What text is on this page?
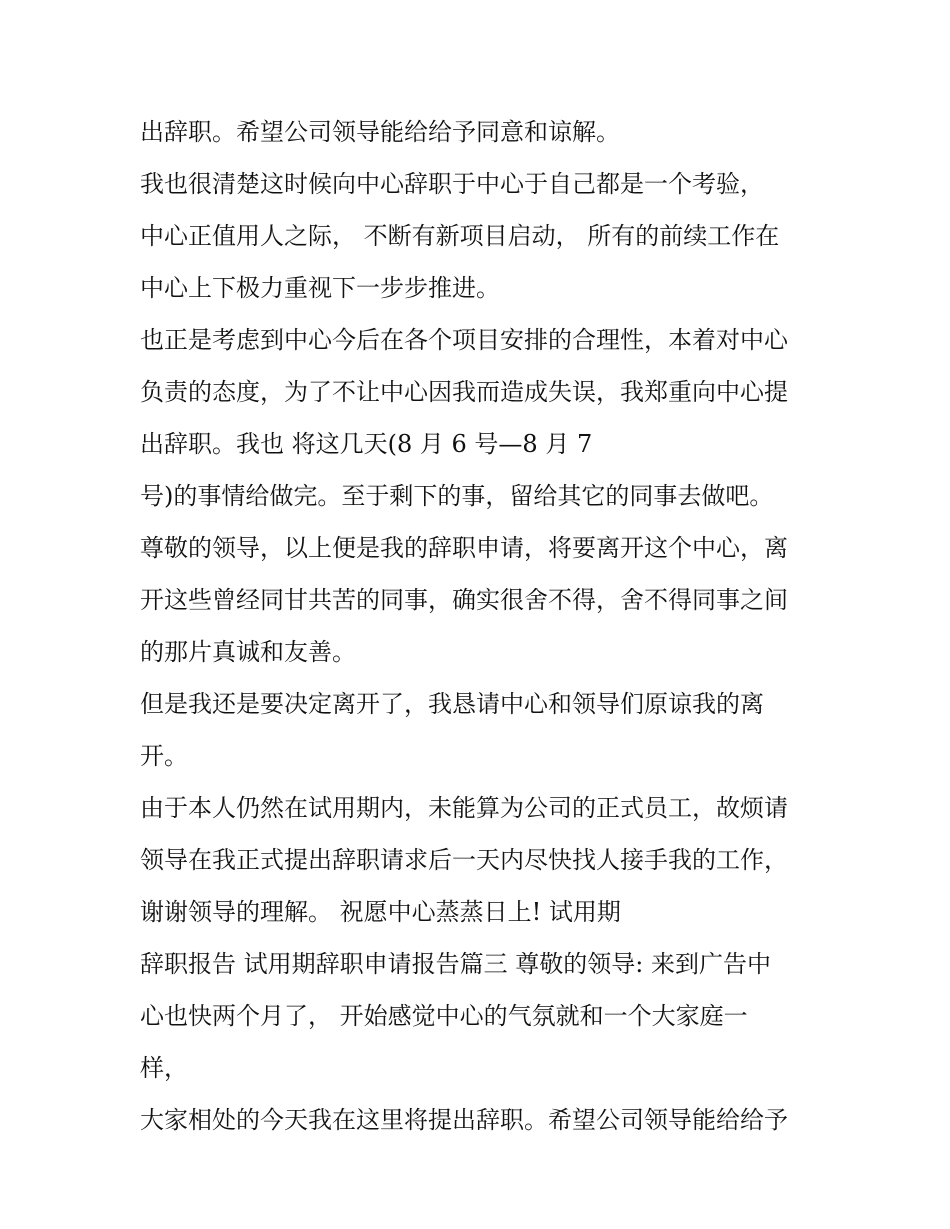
出辞职。希望公司领导能给给予同意和谅解。
我也很清楚这时候向中心辞职于中心于自己都是一个考验，
中心正值用人之际， 不断有新项目启动， 所有的前续工作在
中心上下极力重视下一步步推进。
也正是考虑到中心今后在各个项目安排的合理性，本着对中心
负责的态度，为了不让中心因我而造成失误，我郑重向中心提
出辞职。我也 将这几天(8 月 6 号—8 月 7
号)的事情给做完。至于剩下的事，留给其它的同事去做吧。
尊敬的领导，以上便是我的辞职申请，将要离开这个中心，离
开这些曾经同甘共苦的同事，确实很舍不得，舍不得同事之间
的那片真诚和友善。
但是我还是要决定离开了，我恳请中心和领导们原谅我的离
开。
由于本人仍然在试用期内，未能算为公司的正式员工，故烦请
领导在我正式提出辞职请求后一天内尽快找人接手我的工作，
谢谢领导的理解。 祝愿中心蒸蒸日上! 试用期
辞职报告 试用期辞职申请报告篇三 尊敬的领导: 来到广告中
心也快两个月了， 开始感觉中心的气氛就和一个大家庭一
样，
大家相处的今天我在这里将提出辞职。希望公司领导能给给予
